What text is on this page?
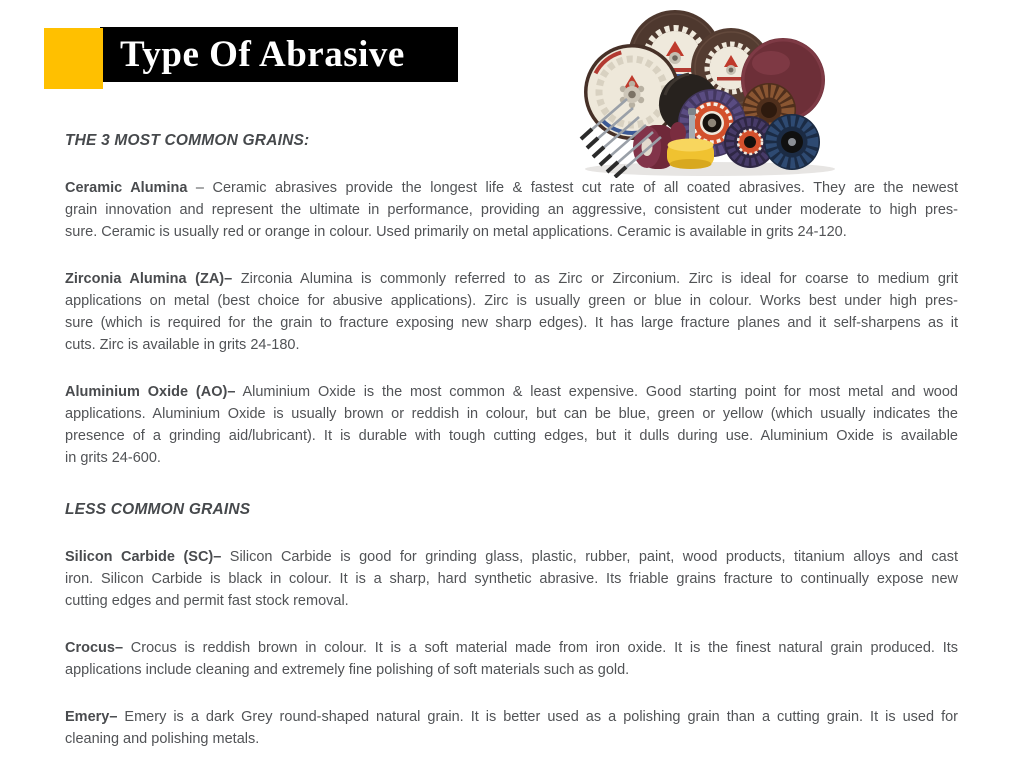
Type Of Abrasive
THE 3 MOST COMMON GRAINS:
Ceramic Alumina – Ceramic abrasives provide the longest life & fastest cut rate of all coated abrasives. They are the newest
grain innovation and represent the ultimate in performance, providing an aggressive, consistent cut under moderate to high pres-
sure. Ceramic is usually red or orange in colour. Used primarily on metal applications. Ceramic is available in grits 24-120.
Zirconia Alumina (ZA)– Zirconia Alumina is commonly referred to as Zirc or Zirconium. Zirc is ideal for coarse to medium grit
applications on metal (best choice for abusive applications). Zirc is usually green or blue in colour. Works best under high pres-
sure (which is required for the grain to fracture exposing new sharp edges). It has large fracture planes and it self-sharpens as it
cuts. Zirc is available in grits 24-180.
Aluminium Oxide (AO)– Aluminium Oxide is the most common & least expensive. Good starting point for most metal and wood
applications. Aluminium Oxide is usually brown or reddish in colour, but can be blue, green or yellow (which usually indicates the
presence of a grinding aid/lubricant). It is durable with tough cutting edges, but it dulls during use. Aluminium Oxide is available
in grits 24-600.
LESS COMMON GRAINS
Silicon Carbide (SC)– Silicon Carbide is good for grinding glass, plastic, rubber, paint, wood products, titanium alloys and cast
iron. Silicon Carbide is black in colour. It is a sharp, hard synthetic abrasive. Its friable grains fracture to continually expose new
cutting edges and permit fast stock removal.
Crocus– Crocus is reddish brown in colour. It is a soft material made from iron oxide. It is the finest natural grain produced. Its
applications include cleaning and extremely fine polishing of soft materials such as gold.
Emery– Emery is a dark Grey round-shaped natural grain. It is better used as a polishing grain than a cutting grain. It is used for
cleaning and polishing metals.
